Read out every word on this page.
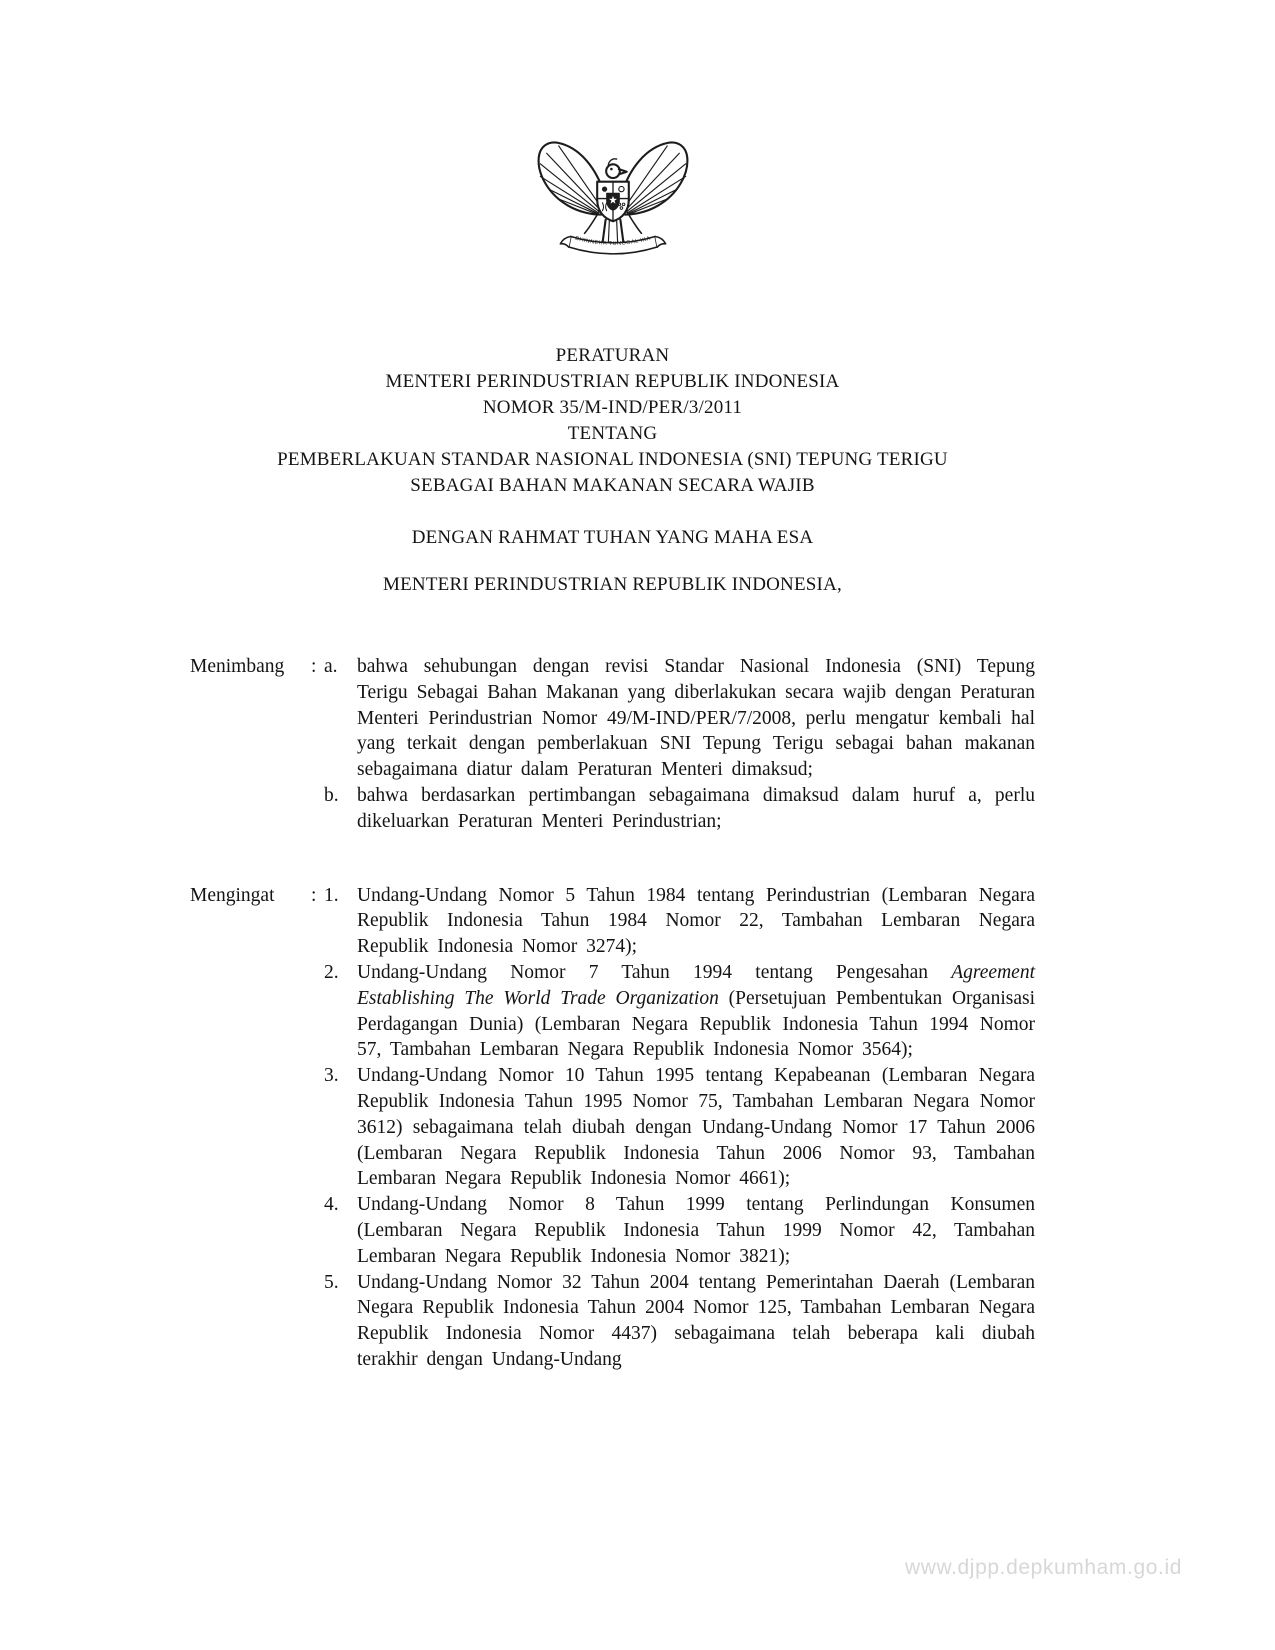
BHINNEKA TUNGGAL IKA
PERATURAN
MENTERI PERINDUSTRIAN REPUBLIK INDONESIA
NOMOR 35/M-IND/PER/3/2011
TENTANG
PEMBERLAKUAN STANDAR NASIONAL INDONESIA (SNI) TEPUNG TERIGU
SEBAGAI BAHAN MAKANAN SECARA WAJIB
DENGAN RAHMAT TUHAN YANG MAHA ESA
MENTERI PERINDUSTRIAN REPUBLIK INDONESIA,
Menimbang	: a. bahwa sehubungan dengan revisi Standar Nasional Indonesia (SNI) Tepung Terigu Sebagai Bahan Makanan yang diberlakukan secara wajib dengan Peraturan Menteri Perindustrian Nomor 49/M-IND/PER/7/2008, perlu mengatur kembali hal yang terkait dengan pemberlakuan SNI Tepung Terigu sebagai bahan makanan sebagaimana diatur dalam Peraturan Menteri dimaksud;
b. bahwa berdasarkan pertimbangan sebagaimana dimaksud dalam huruf a, perlu dikeluarkan Peraturan Menteri Perindustrian;
Mengingat	: 1. Undang-Undang Nomor 5 Tahun 1984 tentang Perindustrian (Lembaran Negara Republik Indonesia Tahun 1984 Nomor 22, Tambahan Lembaran Negara Republik Indonesia Nomor 3274);
2. Undang-Undang Nomor 7 Tahun 1994 tentang Pengesahan Agreement Establishing The World Trade Organization (Persetujuan Pembentukan Organisasi Perdagangan Dunia) (Lembaran Negara Republik Indonesia Tahun 1994 Nomor 57, Tambahan Lembaran Negara Republik Indonesia Nomor 3564);
3. Undang-Undang Nomor 10 Tahun 1995 tentang Kepabeanan (Lembaran Negara Republik Indonesia Tahun 1995 Nomor 75, Tambahan Lembaran Negara Nomor 3612) sebagaimana telah diubah dengan Undang-Undang Nomor 17 Tahun 2006 (Lembaran Negara Republik Indonesia Tahun 2006 Nomor 93, Tambahan Lembaran Negara Republik Indonesia Nomor 4661);
4. Undang-Undang Nomor 8 Tahun 1999 tentang Perlindungan Konsumen (Lembaran Negara Republik Indonesia Tahun 1999 Nomor 42, Tambahan Lembaran Negara Republik Indonesia Nomor 3821);
5. Undang-Undang Nomor 32 Tahun 2004 tentang Pemerintahan Daerah (Lembaran Negara Republik Indonesia Tahun 2004 Nomor 125, Tambahan Lembaran Negara Republik Indonesia Nomor 4437) sebagaimana telah beberapa kali diubah terakhir dengan Undang-Undang
www.djpp.depkumham.go.id
